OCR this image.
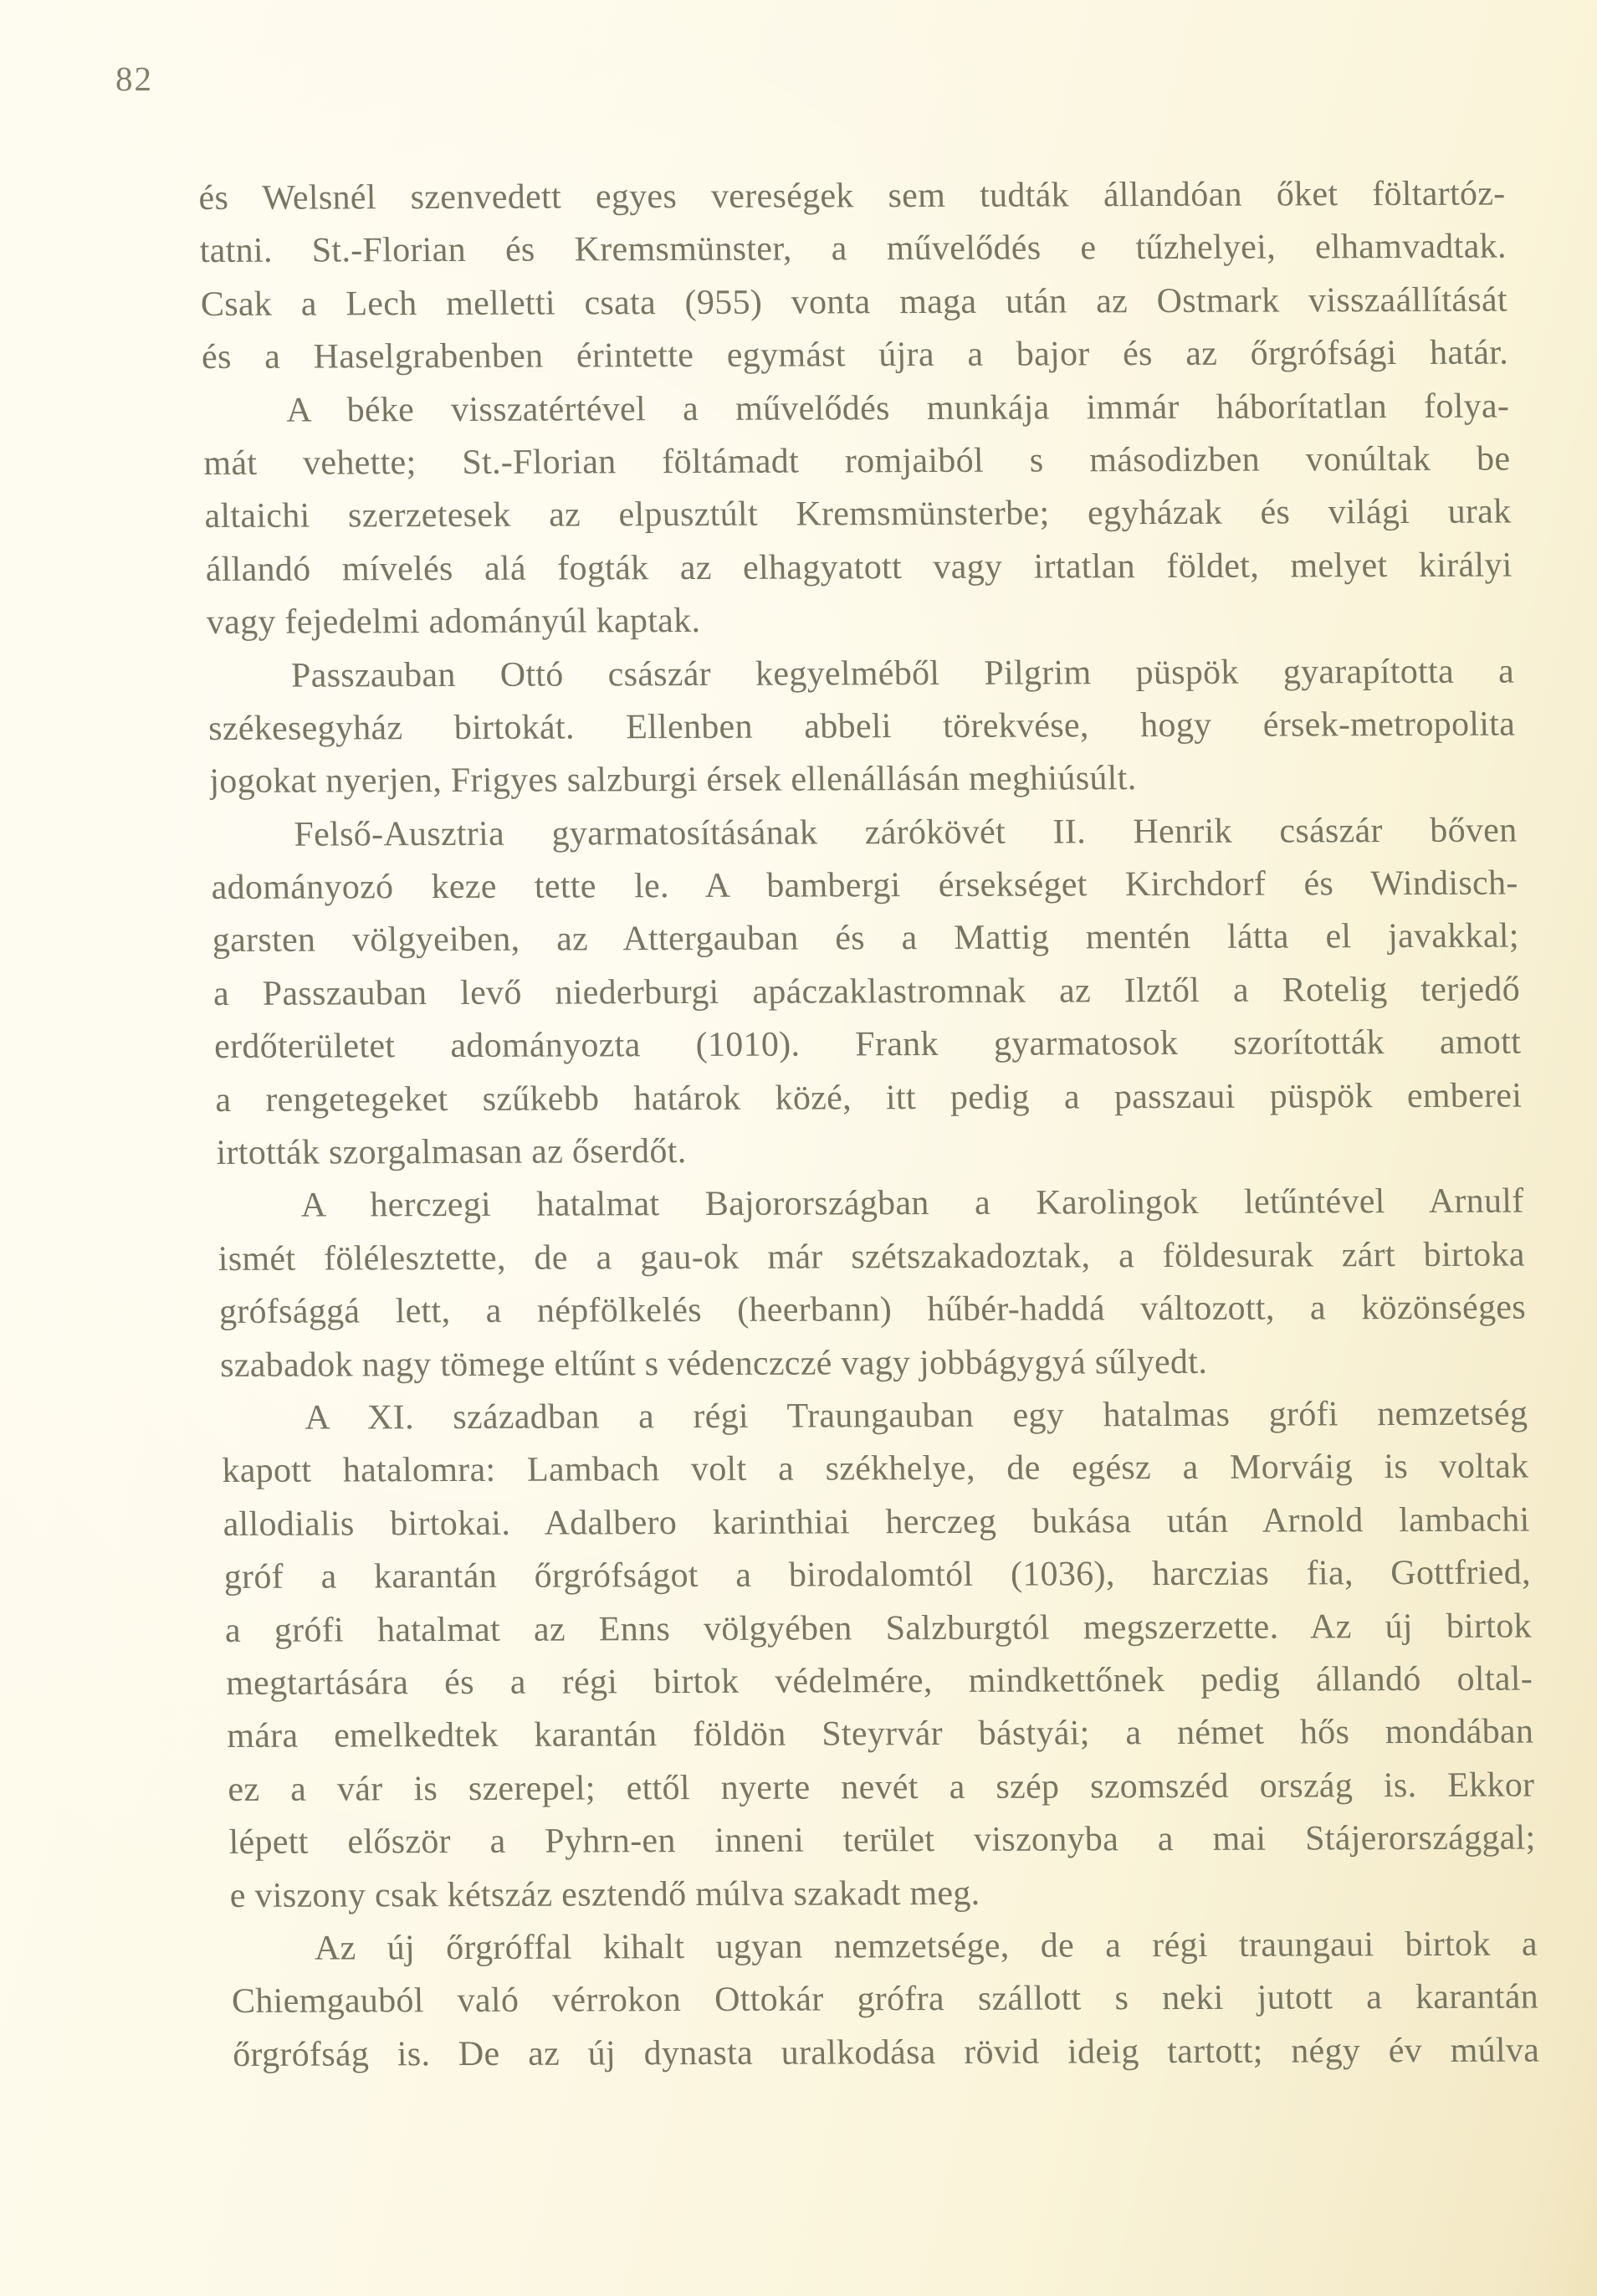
82
és Welsnél szenvedett egyes vereségek sem tudták állandóan őket föltartóz-
tatni. St.-Florian és Kremsmünster, a művelődés e tűzhelyei, elhamvadtak.
Csak a Lech melletti csata (955) vonta maga után az Ostmark visszaállítását
és a Haselgrabenben érintette egymást újra a bajor és az őrgrófsági határ.
A béke visszatértével a művelődés munkája immár háborítatlan folya-
mát vehette; St.-Florian föltámadt romjaiból s másodizben vonúltak be
altaichi szerzetesek az elpusztúlt Kremsmünsterbe; egyházak és világi urak
állandó mívelés alá fogták az elhagyatott vagy irtatlan földet, melyet királyi
vagy fejedelmi adományúl kaptak.
Passzauban Ottó császár kegyelméből Pilgrim püspök gyarapította a
székesegyház birtokát. Ellenben abbeli törekvése, hogy érsek-metropolita
jogokat nyerjen, Frigyes salzburgi érsek ellenállásán meghiúsúlt.
Felső-Ausztria gyarmatosításának zárókövét II. Henrik császár bőven
adományozó keze tette le. A bambergi érsekséget Kirchdorf és Windisch-
garsten völgyeiben, az Attergauban és a Mattig mentén látta el javakkal;
a Passzauban levő niederburgi apáczaklastromnak az Ilztől a Rotelig terjedő
erdőterületet adományozta (1010). Frank gyarmatosok szorították amott
a rengetegeket szűkebb határok közé, itt pedig a passzaui püspök emberei
irtották szorgalmasan az őserdőt.
A herczegi hatalmat Bajorországban a Karolingok letűntével Arnulf
ismét fölélesztette, de a gau-ok már szétszakadoztak, a földesurak zárt birtoka
grófsággá lett, a népfölkelés (heerbann) hűbér-haddá változott, a közönséges
szabadok nagy tömege eltűnt s védenczczé vagy jobbágygyá sűlyedt.
A XI. században a régi Traungauban egy hatalmas grófi nemzetség
kapott hatalomra: Lambach volt a székhelye, de egész a Morváig is voltak
allodialis birtokai. Adalbero karinthiai herczeg bukása után Arnold lambachi
gróf a karantán őrgrófságot a birodalomtól (1036), harczias fia, Gottfried,
a grófi hatalmat az Enns völgyében Salzburgtól megszerzette. Az új birtok
megtartására és a régi birtok védelmére, mindkettőnek pedig állandó oltal-
mára emelkedtek karantán földön Steyrvár bástyái; a német hős mondában
ez a vár is szerepel; ettől nyerte nevét a szép szomszéd ország is. Ekkor
lépett először a Pyhrn-en inneni terület viszonyba a mai Stájerországgal;
e viszony csak kétszáz esztendő múlva szakadt meg.
Az új őrgróffal kihalt ugyan nemzetsége, de a régi traungaui birtok a
Chiemgauból való vérrokon Ottokár grófra szállott s neki jutott a karantán
őrgrófság is. De az új dynasta uralkodása rövid ideig tartott; négy év múlva
